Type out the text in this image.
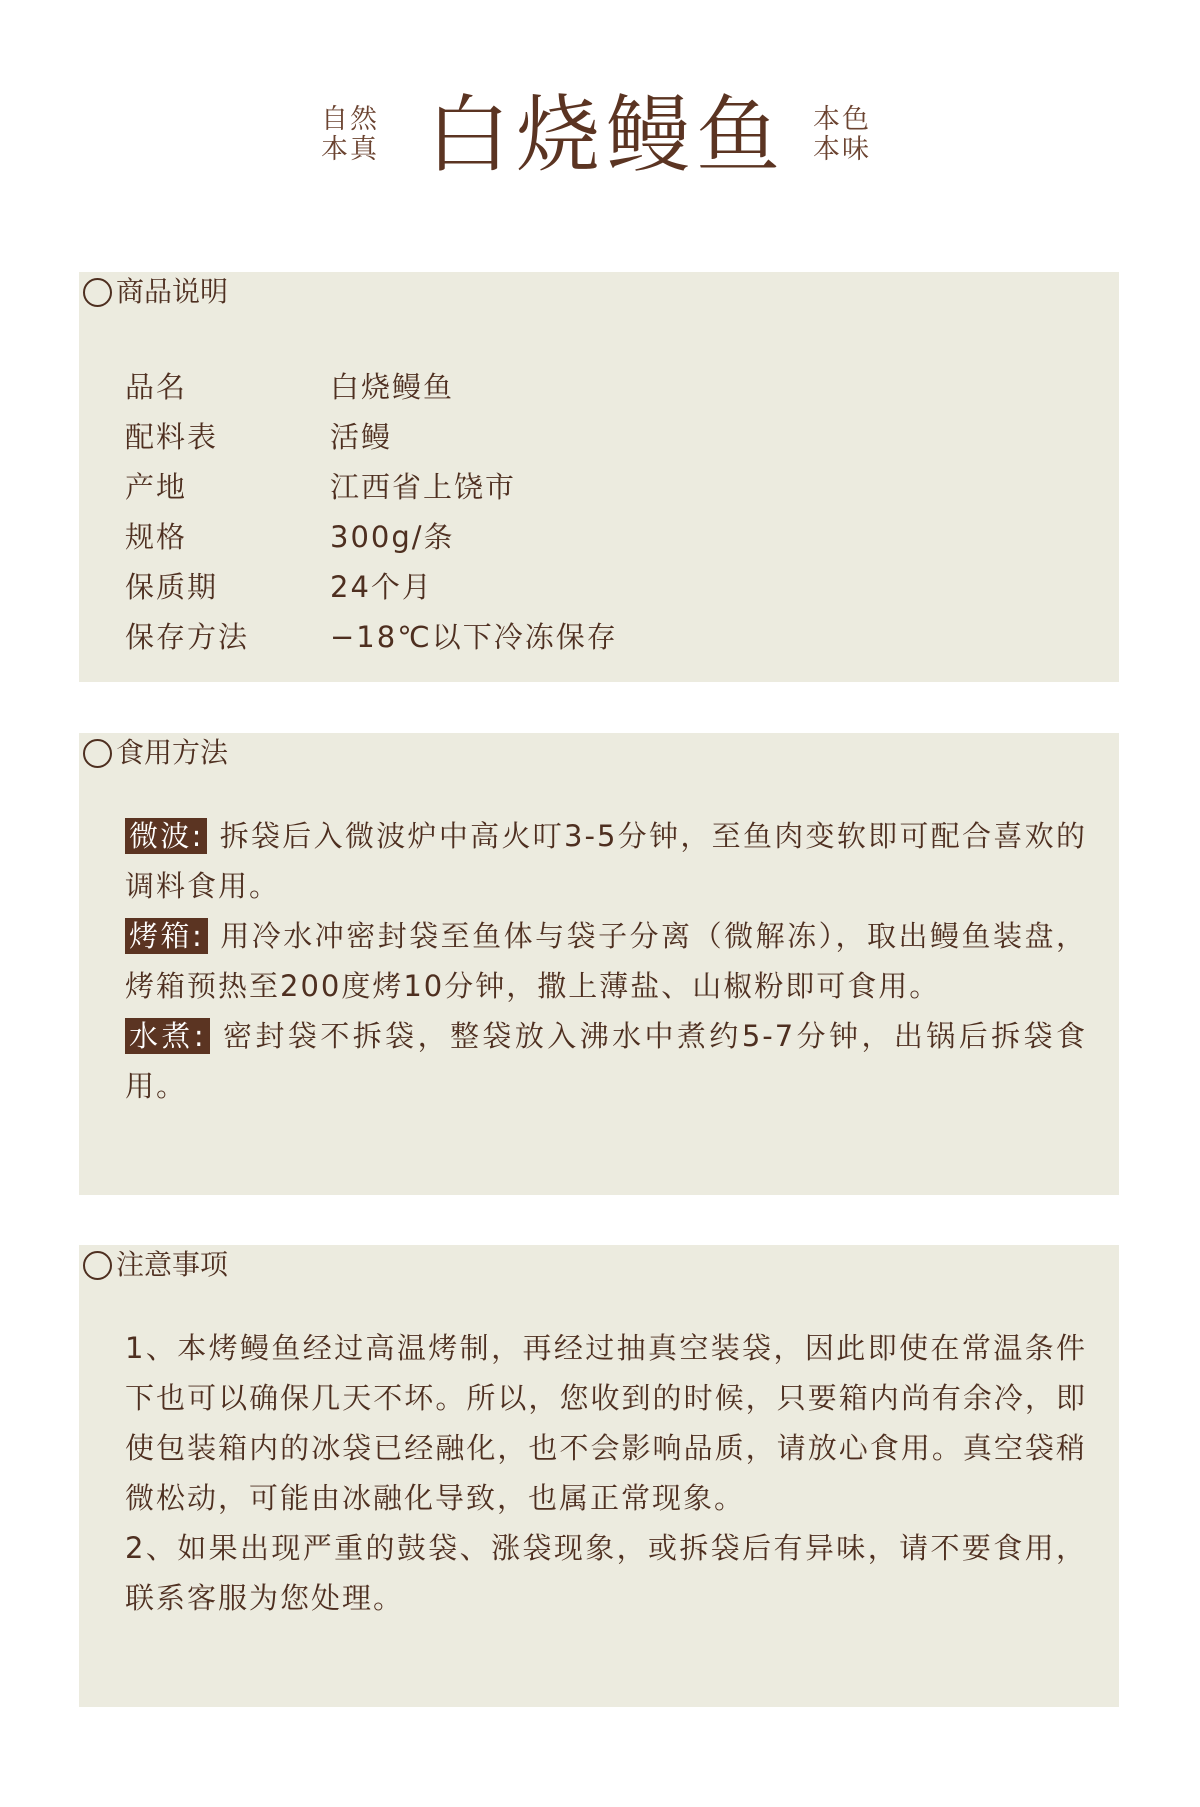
自然
本真 白烧鳗鱼 本色
本味
商品说明
品名	白烧鳗鱼
配料表	活鳗
产地	江西省上饶市
规格	300g/条
保质期	24个月
保存方法	−18℃以下冷冻保存
食用方法
微波: 拆袋后入微波炉中高火叮3-5分钟，至鱼肉变软即可配合喜欢的调料食用。
烤箱: 用冷水冲密封袋至鱼体与袋子分离（微解冻），取出鳗鱼装盘，烤箱预热至200度烤10分钟，撒上薄盐、山椒粉即可食用。
水煮: 密封袋不拆袋，整袋放入沸水中煮约5-7分钟，出锅后拆袋食用。
注意事项
1、本烤鳗鱼经过高温烤制，再经过抽真空装袋，因此即使在常温条件下也可以确保几天不坏。所以，您收到的时候，只要箱内尚有余冷，即使包装箱内的冰袋已经融化，也不会影响品质，请放心食用。真空袋稍微松动，可能由冰融化导致，也属正常现象。
2、如果出现严重的鼓袋、涨袋现象，或拆袋后有异味，请不要食用，联系客服为您处理。
